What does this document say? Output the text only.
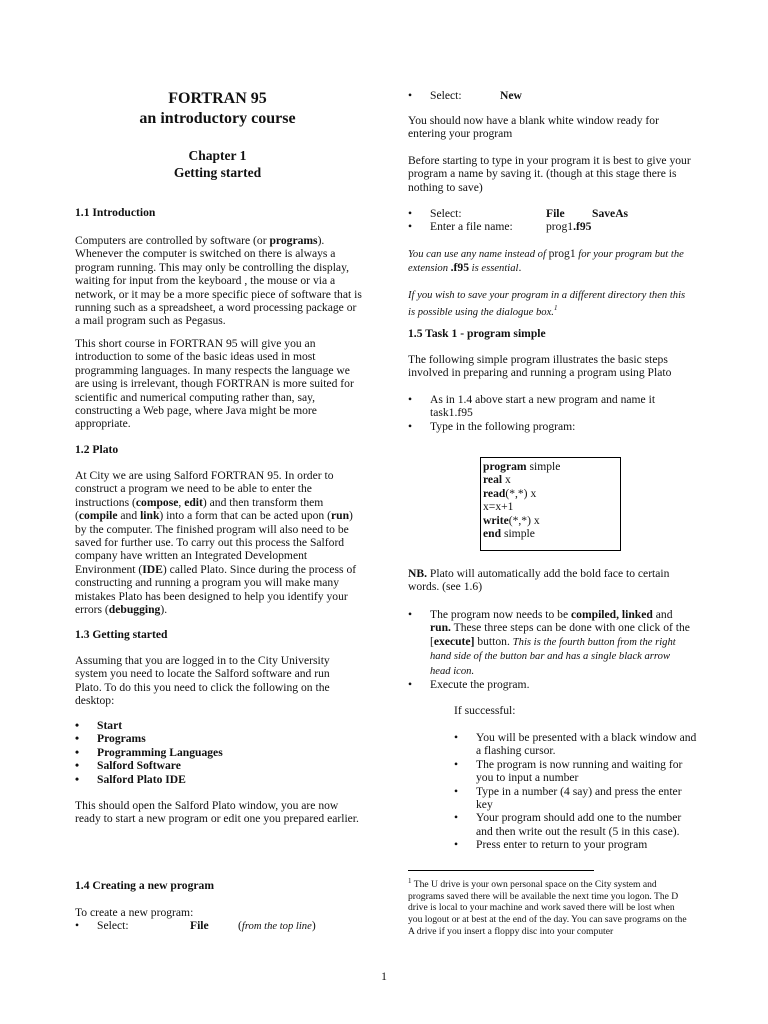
FORTRAN 95
an introductory course
Chapter 1
Getting started
1.1 Introduction

Computers are controlled by software (or programs). Whenever the computer is switched on there is always a program running. This may only be controlling the display, waiting for input from the keyboard , the mouse or via a network, or it may be a more specific piece of software that is running such as a spreadsheet, a word processing package or a mail program such as Pegasus.

This short course in FORTRAN 95 will give you an introduction to some of the basic ideas used in most programming languages. In many respects the language we are using is irrelevant, though FORTRAN is more suited for scientific and numerical computing rather than, say, constructing a Web page, where Java might be more appropriate.

1.2 Plato

At City we are using Salford FORTRAN 95. In order to construct a program we need to be able to enter the instructions (compose, edit) and then transform them (compile and link) into a form that can be acted upon (run) by the computer. The finished program will also need to be saved for further use. To carry out this process the Salford company have written an Integrated Development Environment (IDE) called Plato. Since during the process of constructing and running a program you will make many mistakes Plato has been designed to help you identify your errors (debugging).

1.3 Getting started

Assuming that you are logged in to the City University system you need to locate the Salford software and run Plato. To do this you need to click the following on the desktop:

• Start
• Programs
• Programming Languages
• Salford Software
• Salford Plato IDE

This should open the Salford Plato window, you are now ready to start a new program or edit one you prepared earlier.

1.4 Creating a new program

To create a new program:

• Select:	File	(from the top line)
• Select:	New

You should now have a blank white window ready for entering your program

Before starting to type in your program it is best to give your program a name by saving it. (though at this stage there is nothing to save)

• Select:	File SaveAs
• Enter a file name:	prog1.f95

You can use any name instead of prog1 for your program but the extension .f95 is essential.

If you wish to save your program in a different directory then this is possible using the dialogue box.$^1$

1.5 Task 1 - program simple

The following simple program illustrates the basic steps involved in preparing and running a program using Plato

• As in 1.4 above start a new program and name it task1.f95
• Type in the following program:

NB. Plato will automatically add the bold face to certain words. (see 1.6)

• The program now needs to be compiled, linked and run. These three steps can be done with one click of the [execute] button. This is the fourth button from the right hand side of the button bar and has a single black arrow head icon.
• Execute the program.

If successful:

• You will be presented with a black window and a flashing cursor.
• The program is now running and waiting for you to input a number
• Type in a number (4 say) and press the enter key
• Your program should add one to the number and then write out the result (5 in this case).
• Press enter to return to your program
program simple
real x
read(*,*) x
x=x+1
write(*,*) x
end simple
$^1$ The U drive is your own personal space on the City system and programs saved there will be available the next time you logon. The D drive is local to your machine and work saved there will be lost when you logout or at best at the end of the day. You can save programs on the A drive if you insert a floppy disc into your computer
1
